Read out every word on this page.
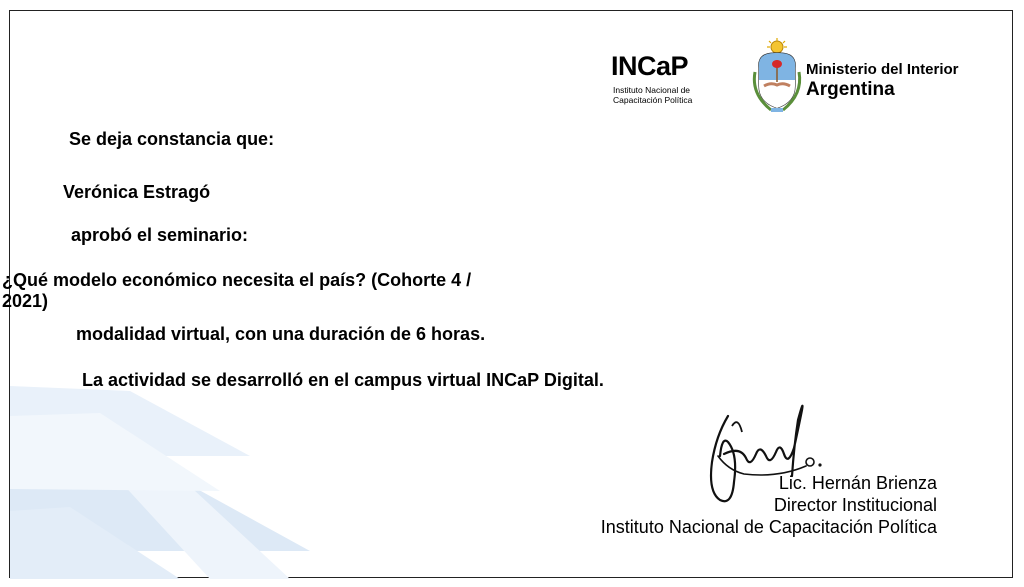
INCaP
Instituto Nacional de
Capacitación Política
Ministerio del Interior
Argentina

Se deja constancia que:

Verónica Estragó

aprobó el seminario:

¿Qué modelo económico necesita el país? (Cohorte 4 /

2021)

modalidad virtual, con una duración de 6 horas.

La actividad se desarrolló en el campus virtual INCaP Digital.

Lic. Hernán Brienza
Director Institucional
Instituto Nacional de Capacitación Política
